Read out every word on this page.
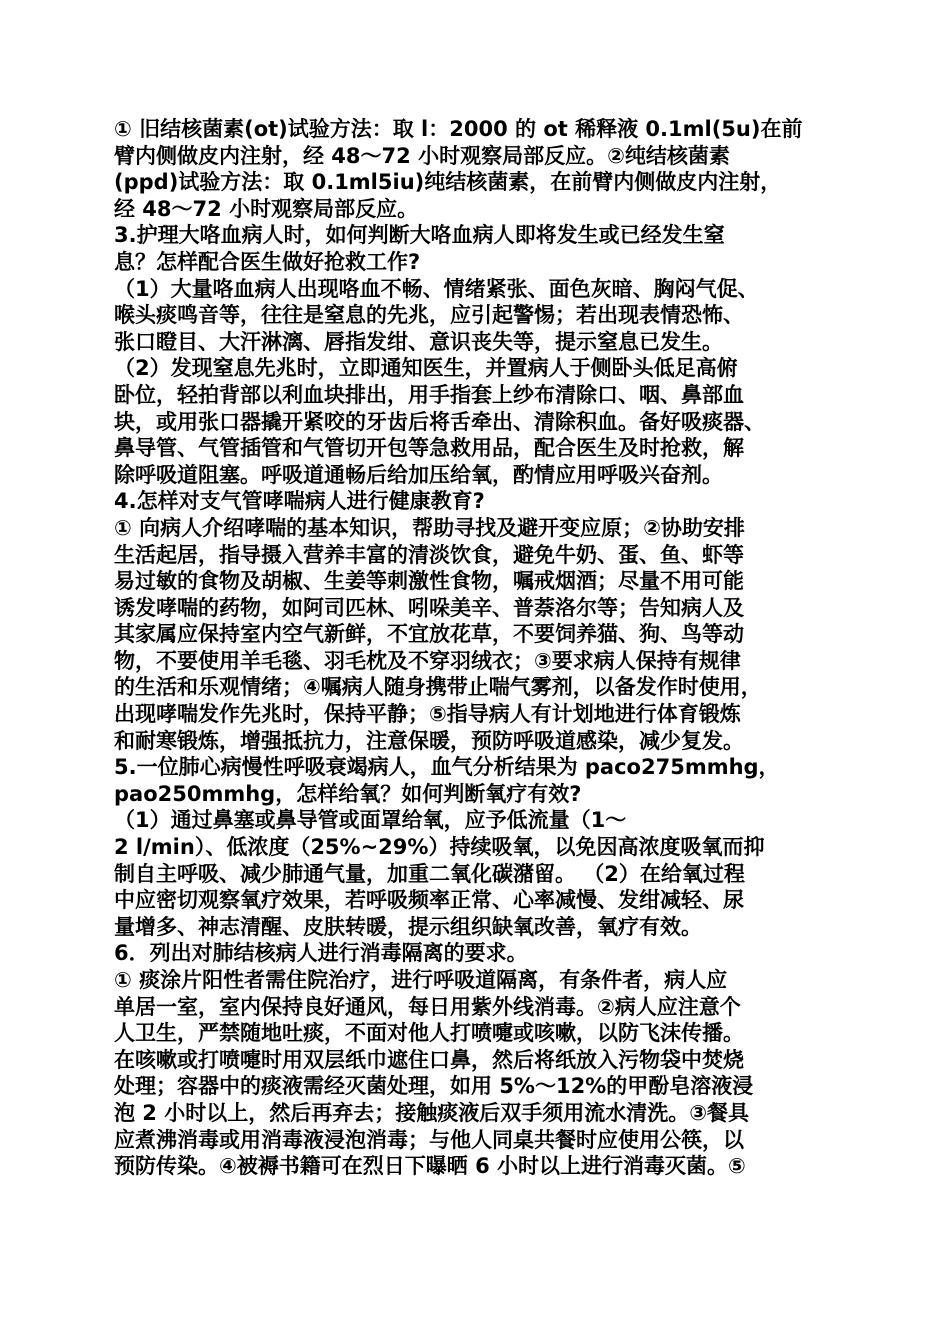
① 旧结核菌素(ot)试验方法：取 l：2000 的 ot 稀释液 0.1ml(5u)在前
臂内侧做皮内注射，经 48～72 小时观察局部反应。②纯结核菌素
(ppd)试验方法：取 0.1ml5iu)纯结核菌素，在前臂内侧做皮内注射，
经 48～72 小时观察局部反应。
3.护理大咯血病人时，如何判断大咯血病人即将发生或已经发生窒
息？怎样配合医生做好抢救工作?
（1）大量咯血病人出现咯血不畅、情绪紧张、面色灰暗、胸闷气促、
喉头痰鸣音等，往往是窒息的先兆，应引起警惕；若出现表情恐怖、
张口瞪目、大汗淋漓、唇指发绀、意识丧失等，提示窒息已发生。
（2）发现窒息先兆时，立即通知医生，并置病人于侧卧头低足高俯
卧位，轻拍背部以利血块排出，用手指套上纱布清除口、咽、鼻部血
块，或用张口器撬开紧咬的牙齿后将舌牵出、清除积血。备好吸痰器、
鼻导管、气管插管和气管切开包等急救用品，配合医生及时抢救，解
除呼吸道阻塞。呼吸道通畅后给加压给氧，酌情应用呼吸兴奋剂。
4.怎样对支气管哮喘病人进行健康教育?
① 向病人介绍哮喘的基本知识，帮助寻找及避开变应原；②协助安排
生活起居，指导摄入营养丰富的清淡饮食，避免牛奶、蛋、鱼、虾等
易过敏的食物及胡椒、生姜等刺激性食物，嘱戒烟酒；尽量不用可能
诱发哮喘的药物，如阿司匹林、吲哚美辛、普萘洛尔等；告知病人及
其家属应保持室内空气新鲜，不宜放花草，不要饲养猫、狗、鸟等动
物，不要使用羊毛毯、羽毛枕及不穿羽绒衣；③要求病人保持有规律
的生活和乐观情绪；④嘱病人随身携带止喘气雾剂，以备发作时使用，
出现哮喘发作先兆时，保持平静；⑤指导病人有计划地进行体育锻炼
和耐寒锻炼，增强抵抗力，注意保暖，预防呼吸道感染，减少复发。
5.一位肺心病慢性呼吸衰竭病人，血气分析结果为 paco275mmhg，
pao250mmhg，怎样给氧？如何判断氧疗有效?
（1）通过鼻塞或鼻导管或面罩给氧，应予低流量（1～
2 l/min）、低浓度（25%~29%）持续吸氧，以免因高浓度吸氧而抑
制自主呼吸、减少肺通气量，加重二氧化碳潴留。 （2）在给氧过程
中应密切观察氧疗效果，若呼吸频率正常、心率减慢、发绀减轻、尿
量增多、神志清醒、皮肤转暖，提示组织缺氧改善，氧疗有效。
6．列出对肺结核病人进行消毒隔离的要求。
① 痰涂片阳性者需住院治疗，进行呼吸道隔离，有条件者，病人应
单居一室，室内保持良好通风，每日用紫外线消毒。②病人应注意个
人卫生，严禁随地吐痰，不面对他人打喷嚏或咳嗽，以防飞沫传播。
在咳嗽或打喷嚏时用双层纸巾遮住口鼻，然后将纸放入污物袋中焚烧
处理；容器中的痰液需经灭菌处理，如用 5%～12%的甲酚皂溶液浸
泡 2 小时以上，然后再弃去；接触痰液后双手须用流水清洗。③餐具
应煮沸消毒或用消毒液浸泡消毒；与他人同桌共餐时应使用公筷，以
预防传染。④被褥书籍可在烈日下曝晒 6 小时以上进行消毒灭菌。⑤
